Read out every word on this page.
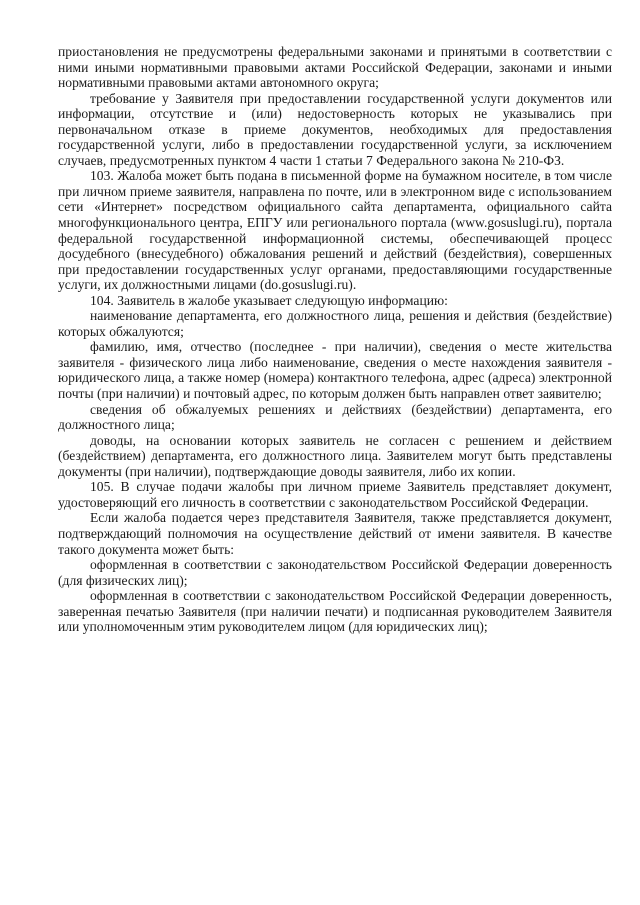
приостановления не предусмотрены федеральными законами и принятыми в соответствии с ними иными нормативными правовыми актами Российской Федерации, законами и иными нормативными правовыми актами автономного округа;

требование у Заявителя при предоставлении государственной услуги документов или информации, отсутствие и (или) недостоверность которых не указывались при первоначальном отказе в приеме документов, необходимых для предоставления государственной услуги, либо в предоставлении государственной услуги, за исключением случаев, предусмотренных пунктом 4 части 1 статьи 7 Федерального закона № 210-ФЗ.

103. Жалоба может быть подана в письменной форме на бумажном носителе, в том числе при личном приеме заявителя, направлена по почте, или в электронном виде с использованием сети «Интернет» посредством официального сайта департамента, официального сайта многофункционального центра, ЕПГУ или регионального портала (www.gosuslugi.ru), портала федеральной государственной информационной системы, обеспечивающей процесс досудебного (внесудебного) обжалования решений и действий (бездействия), совершенных при предоставлении государственных услуг органами, предоставляющими государственные услуги, их должностными лицами (do.gosuslugi.ru).

104. Заявитель в жалобе указывает следующую информацию:

наименование департамента, его должностного лица, решения и действия (бездействие) которых обжалуются;

фамилию, имя, отчество (последнее - при наличии), сведения о месте жительства заявителя - физического лица либо наименование, сведения о месте нахождения заявителя - юридического лица, а также номер (номера) контактного телефона, адрес (адреса) электронной почты (при наличии) и почтовый адрес, по которым должен быть направлен ответ заявителю;

сведения об обжалуемых решениях и действиях (бездействии) департамента, его должностного лица;

доводы, на основании которых заявитель не согласен с решением и действием (бездействием) департамента, его должностного лица. Заявителем могут быть представлены документы (при наличии), подтверждающие доводы заявителя, либо их копии.

105. В случае подачи жалобы при личном приеме Заявитель представляет документ, удостоверяющий его личность в соответствии с законодательством Российской Федерации.

Если жалоба подается через представителя Заявителя, также представляется документ, подтверждающий полномочия на осуществление действий от имени заявителя. В качестве такого документа может быть:

оформленная в соответствии с законодательством Российской Федерации доверенность (для физических лиц);

оформленная в соответствии с законодательством Российской Федерации доверенность, заверенная печатью Заявителя (при наличии печати) и подписанная руководителем Заявителя или уполномоченным этим руководителем лицом (для юридических лиц);
